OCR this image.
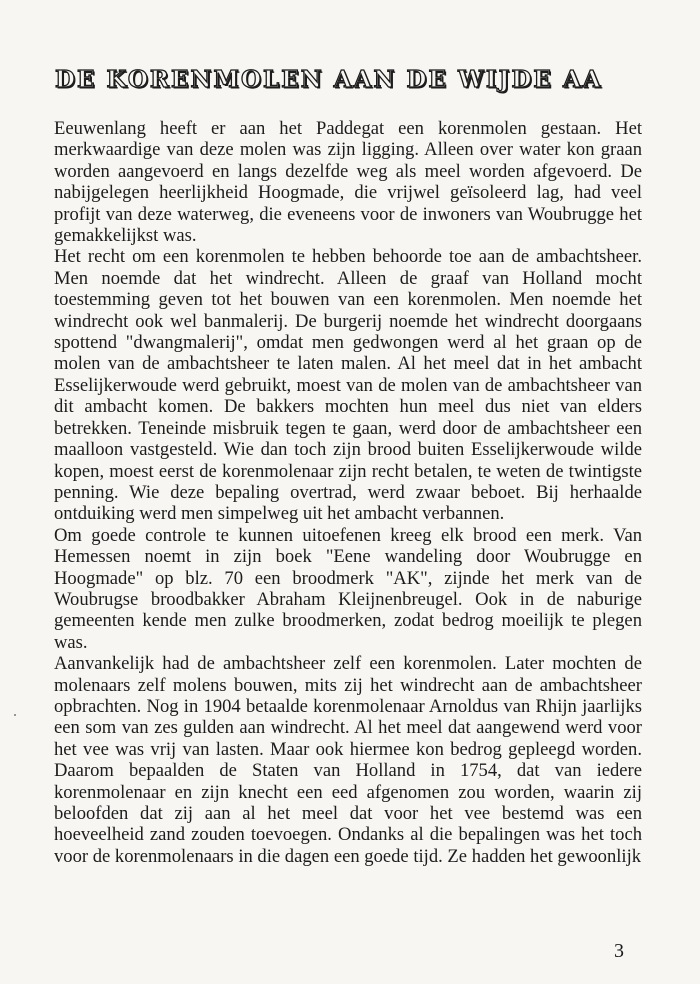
DE KORENMOLEN AAN DE WIJDE AA

Eeuwenlang heeft er aan het Paddegat een korenmolen gestaan. Het merkwaardige van deze molen was zijn ligging. Alleen over water kon graan worden aangevoerd en langs dezelfde weg als meel worden afgevoerd. De nabijgelegen heerlijkheid Hoogmade, die vrijwel geïsoleerd lag, had veel profijt van deze waterweg, die eveneens voor de inwoners van Woubrugge het gemakkelijkst was.

Het recht om een korenmolen te hebben behoorde toe aan de ambachtsheer. Men noemde dat het windrecht. Alleen de graaf van Holland mocht toestemming geven tot het bouwen van een korenmolen. Men noemde het windrecht ook wel banmalerij. De burgerij noemde het windrecht doorgaans spottend "dwangmalerij", omdat men gedwongen werd al het graan op de molen van de ambachtsheer te laten malen. Al het meel dat in het ambacht Esselijkerwoude werd gebruikt, moest van de molen van de ambachtsheer van dit ambacht komen. De bakkers mochten hun meel dus niet van elders betrekken. Teneinde misbruik tegen te gaan, werd door de ambachtsheer een maalloon vastgesteld. Wie dan toch zijn brood buiten Esselijkerwoude wilde kopen, moest eerst de korenmolenaar zijn recht betalen, te weten de twintigste penning. Wie deze bepaling overtrad, werd zwaar beboet. Bij herhaalde ontduiking werd men simpelweg uit het ambacht verbannen.

Om goede controle te kunnen uitoefenen kreeg elk brood een merk. Van Hemessen noemt in zijn boek "Eene wandeling door Woubrugge en Hoogmade" op blz. 70 een broodmerk "AK", zijnde het merk van de Woubrugse broodbakker Abraham Kleijnenbreugel. Ook in de naburige gemeenten kende men zulke broodmerken, zodat bedrog moeilijk te plegen was.

Aanvankelijk had de ambachtsheer zelf een korenmolen. Later mochten de molenaars zelf molens bouwen, mits zij het windrecht aan de ambachtsheer opbrachten. Nog in 1904 betaalde korenmolenaar Arnoldus van Rhijn jaarlijks een som van zes gulden aan windrecht. Al het meel dat aangewend werd voor het vee was vrij van lasten. Maar ook hiermee kon bedrog gepleegd worden. Daarom bepaalden de Staten van Holland in 1754, dat van iedere korenmolenaar en zijn knecht een eed afgenomen zou worden, waarin zij beloofden dat zij aan al het meel dat voor het vee bestemd was een hoeveelheid zand zouden toevoegen. Ondanks al die bepalingen was het toch voor de korenmolenaars in die dagen een goede tijd. Ze hadden het gewoonlijk

3
